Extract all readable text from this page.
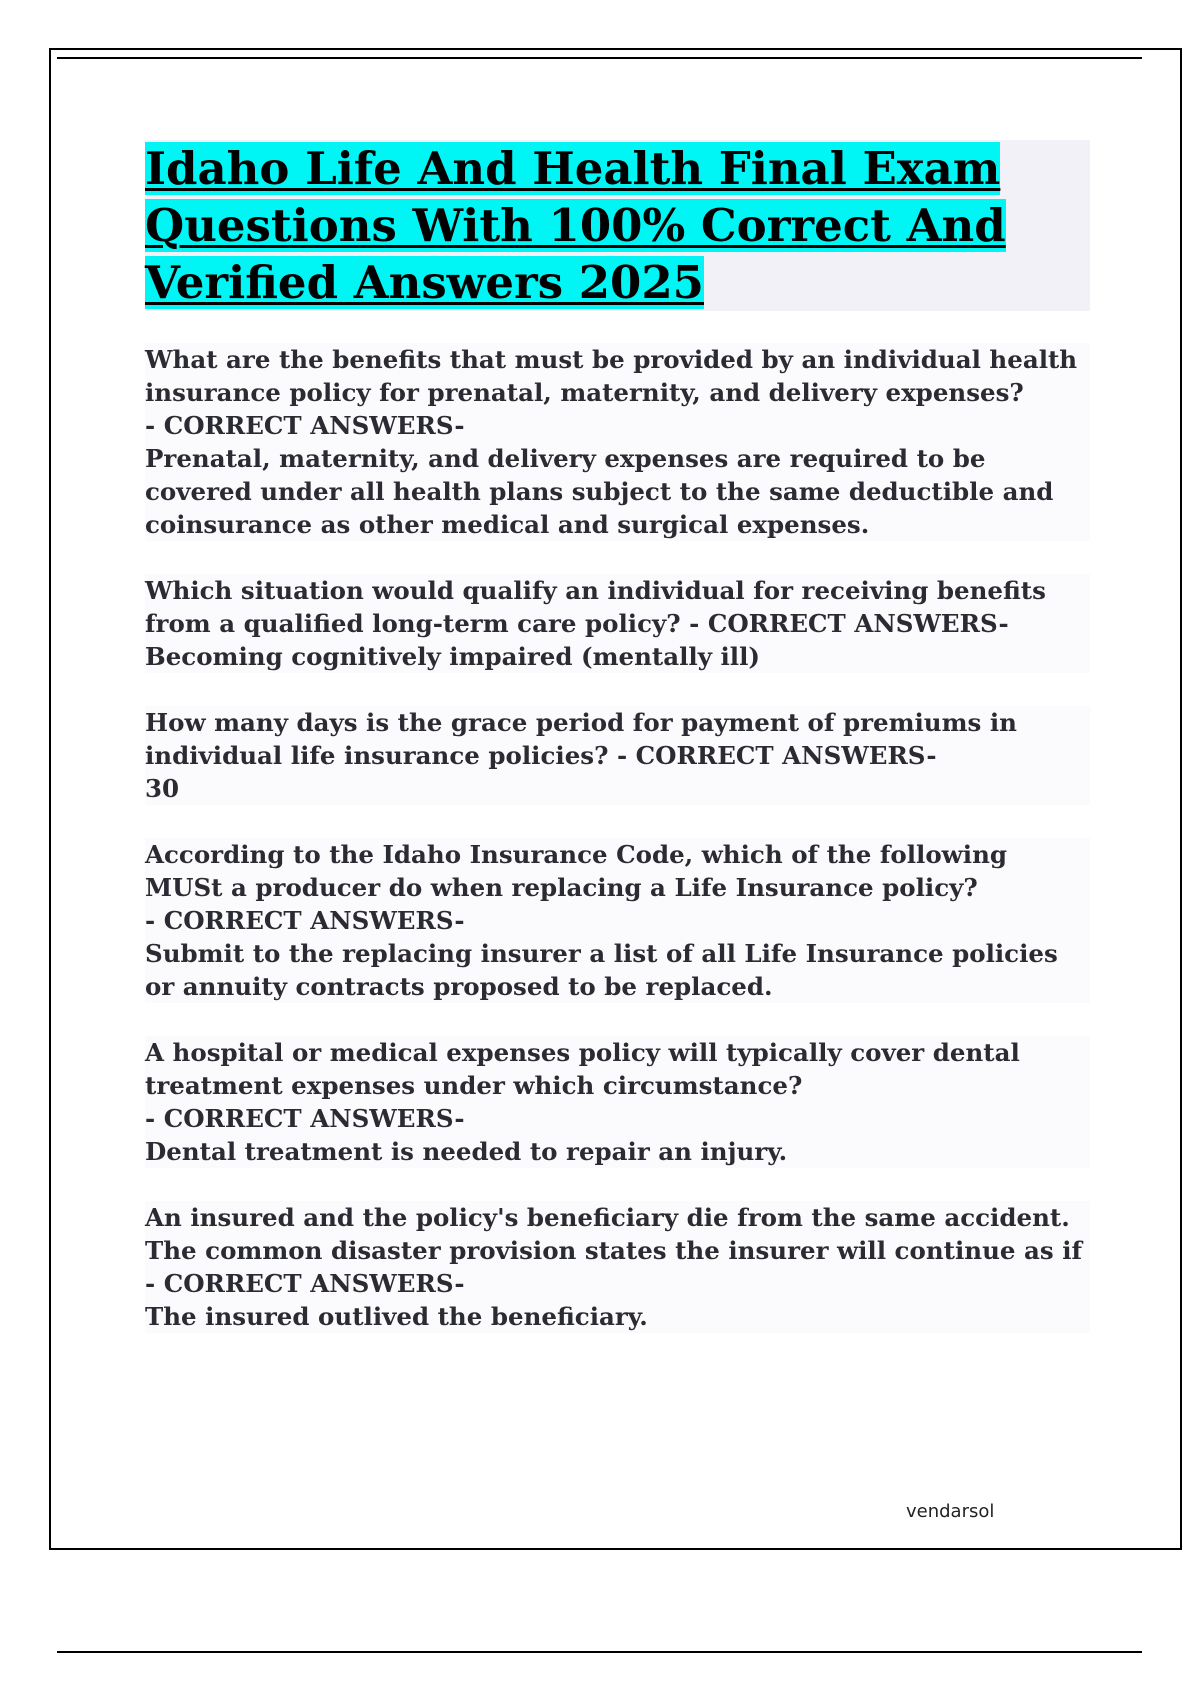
Idaho Life And Health Final Exam Questions With 100% Correct And Verified Answers 2025
What are the benefits that must be provided by an individual health insurance policy for prenatal, maternity, and delivery expenses? - CORRECT ANSWERS-
Prenatal, maternity, and delivery expenses are required to be covered under all health plans subject to the same deductible and coinsurance as other medical and surgical expenses.
Which situation would qualify an individual for receiving benefits from a qualified long-term care policy? - CORRECT ANSWERS-
Becoming cognitively impaired (mentally ill)
How many days is the grace period for payment of premiums in individual life insurance policies? - CORRECT ANSWERS-
30
According to the Idaho Insurance Code, which of the following MUSt a producer do when replacing a Life Insurance policy? - CORRECT ANSWERS-
Submit to the replacing insurer a list of all Life Insurance policies or annuity contracts proposed to be replaced.
A hospital or medical expenses policy will typically cover dental treatment expenses under which circumstance? - CORRECT ANSWERS-
Dental treatment is needed to repair an injury.
An insured and the policy's beneficiary die from the same accident. The common disaster provision states the insurer will continue as if - CORRECT ANSWERS-
The insured outlived the beneficiary.
vendarsol
